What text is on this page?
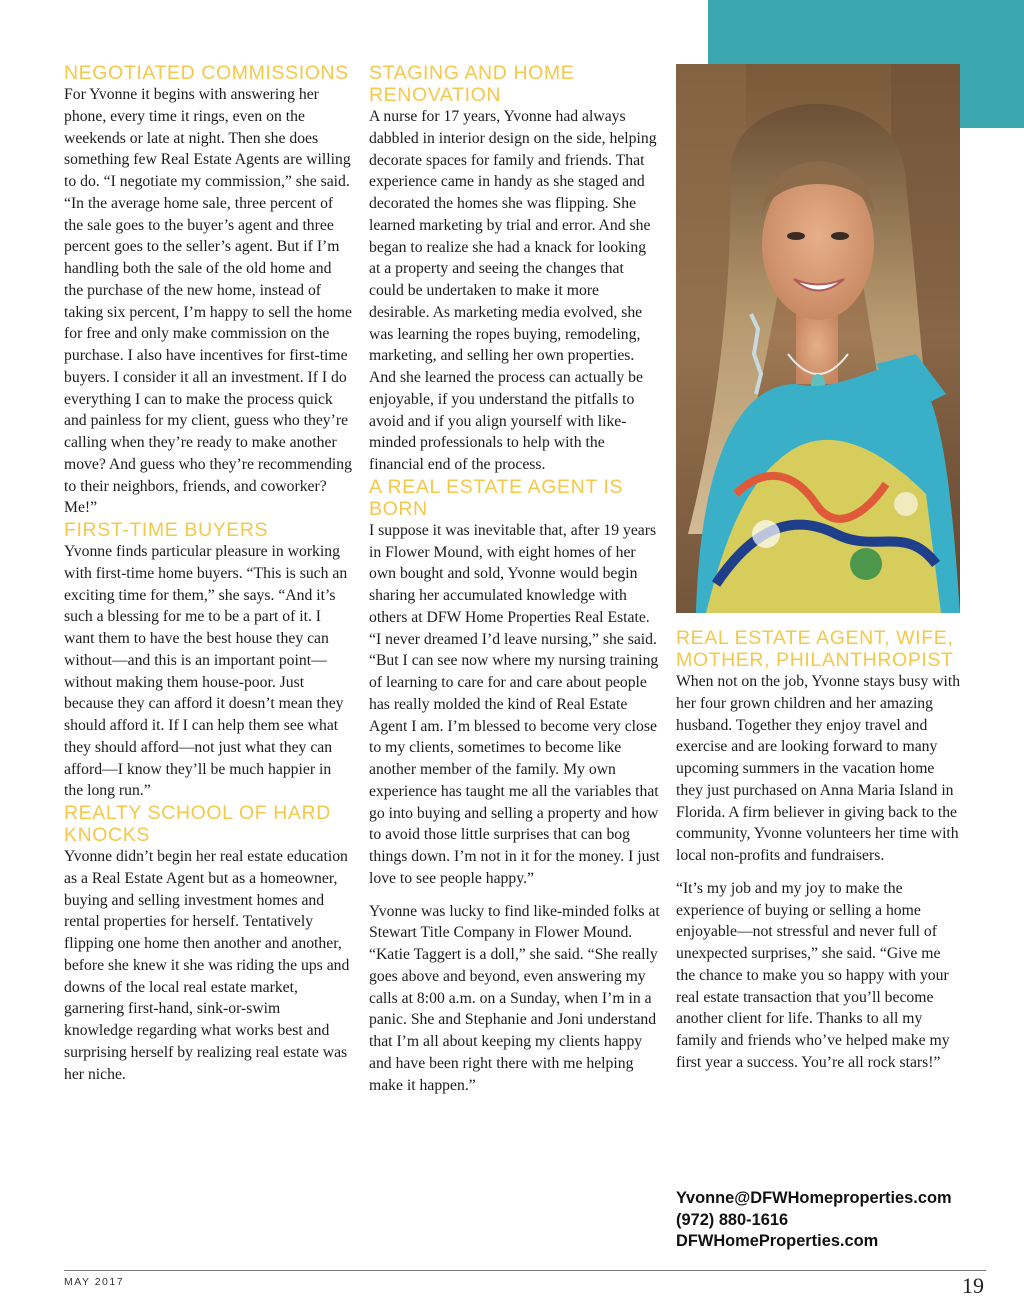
NEGOTIATED COMMISSIONS

For Yvonne it begins with answering her phone, every time it rings, even on the weekends or late at night. Then she does something few Real Estate Agents are willing to do. “I negotiate my commission,” she said. “In the average home sale, three percent of the sale goes to the buyer’s agent and three percent goes to the seller’s agent. But if I’m handling both the sale of the old home and the purchase of the new home, instead of taking six percent, I’m happy to sell the home for free and only make commission on the purchase. I also have incentives for first-time buyers. I consider it all an investment. If I do everything I can to make the process quick and painless for my client, guess who they’re calling when they’re ready to make another move? And guess who they’re recommending to their neighbors, friends, and coworker? Me!”

FIRST-TIME BUYERS

Yvonne finds particular pleasure in working with first-time home buyers. “This is such an exciting time for them,” she says. “And it’s such a blessing for me to be a part of it. I want them to have the best house they can without—and this is an important point—without making them house-poor. Just because they can afford it doesn’t mean they should afford it. If I can help them see what they should afford—not just what they can afford—I know they’ll be much happier in the long run.”

REALTY SCHOOL OF HARD KNOCKS

Yvonne didn’t begin her real estate education as a Real Estate Agent but as a homeowner, buying and selling investment homes and rental properties for herself. Tentatively flipping one home then another and another, before she knew it she was riding the ups and downs of the local real estate market, garnering first-hand, sink-or-swim knowledge regarding what works best and surprising herself by realizing real estate was her niche.

STAGING AND HOME RENOVATION

A nurse for 17 years, Yvonne had always dabbled in interior design on the side, helping decorate spaces for family and friends. That experience came in handy as she staged and decorated the homes she was flipping. She learned marketing by trial and error. And she began to realize she had a knack for looking at a property and seeing the changes that could be undertaken to make it more desirable. As marketing media evolved, she was learning the ropes buying, remodeling, marketing, and selling her own properties. And she learned the process can actually be enjoyable, if you understand the pitfalls to avoid and if you align yourself with like-minded professionals to help with the financial end of the process.

A REAL ESTATE AGENT IS BORN

I suppose it was inevitable that, after 19 years in Flower Mound, with eight homes of her own bought and sold, Yvonne would begin sharing her accumulated knowledge with others at DFW Home Properties Real Estate. “I never dreamed I’d leave nursing,” she said. “But I can see now where my nursing training of learning to care for and care about people has really molded the kind of Real Estate Agent I am. I’m blessed to become very close to my clients, sometimes to become like another member of the family. My own experience has taught me all the variables that go into buying and selling a property and how to avoid those little surprises that can bog things down. I’m not in it for the money. I just love to see people happy.”

Yvonne was lucky to find like-minded folks at Stewart Title Company in Flower Mound. “Katie Taggert is a doll,” she said. “She really goes above and beyond, even answering my calls at 8:00 a.m. on a Sunday, when I’m in a panic. She and Stephanie and Joni understand that I’m all about keeping my clients happy and have been right there with me helping make it happen.”

REAL ESTATE AGENT, WIFE, MOTHER, PHILANTHROPIST

When not on the job, Yvonne stays busy with her four grown children and her amazing husband. Together they enjoy travel and exercise and are looking forward to many upcoming summers in the vacation home they just purchased on Anna Maria Island in Florida. A firm believer in giving back to the community, Yvonne volunteers her time with local non-profits and fundraisers.

“It’s my job and my joy to make the experience of buying or selling a home enjoyable—not stressful and never full of unexpected surprises,” she said. “Give me the chance to make you so happy with your real estate transaction that you’ll become another client for life. Thanks to all my family and friends who’ve helped make my first year a success. You’re all rock stars!”

Yvonne@DFWHomeproperties.com
(972) 880-1616
DFWHomeProperties.com
MAY 2017	19
